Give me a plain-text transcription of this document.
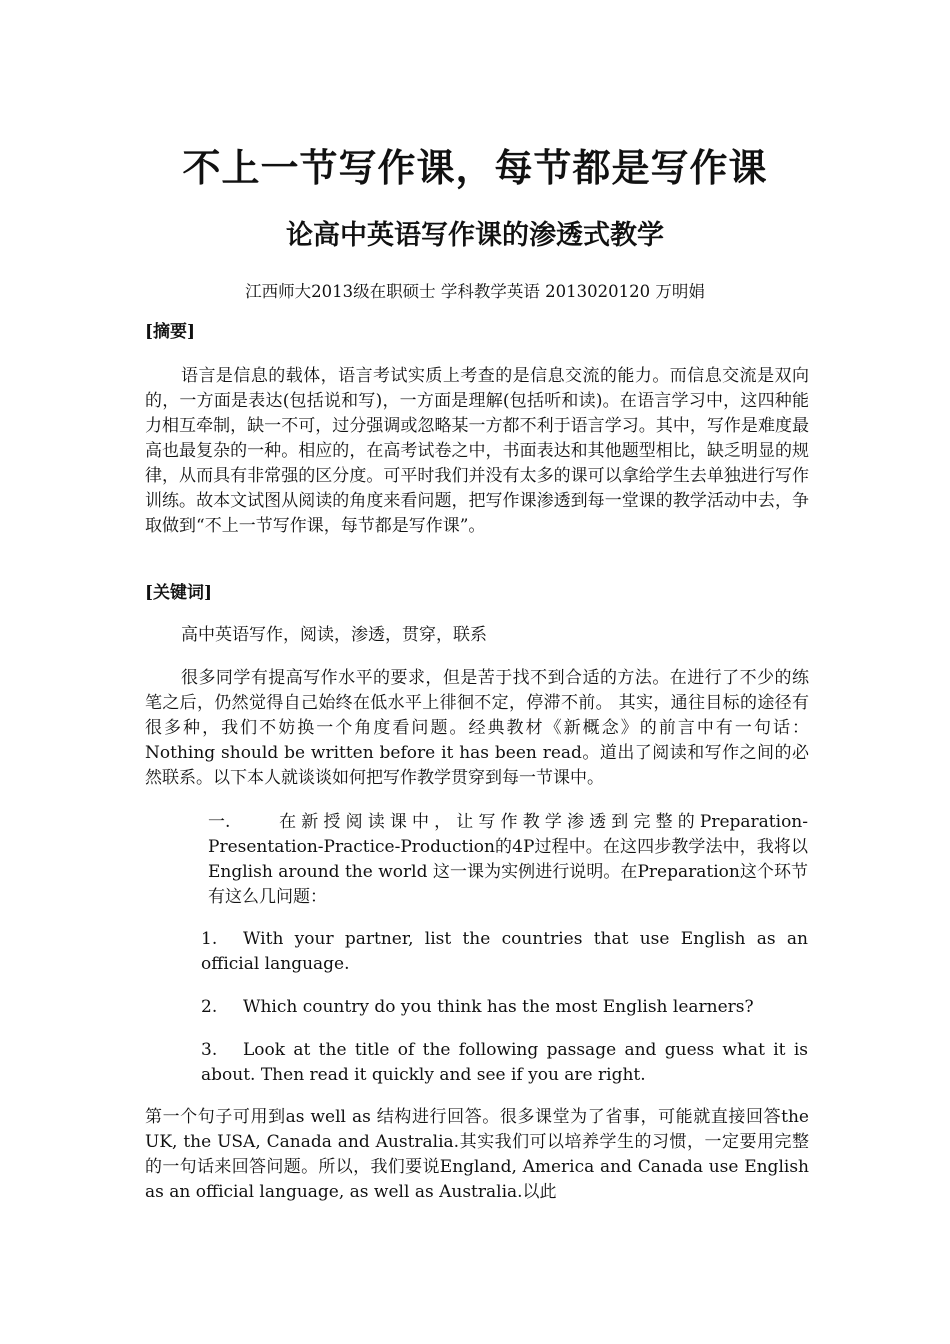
不上一节写作课，每节都是写作课
论高中英语写作课的渗透式教学
江西师大2013级在职硕士 学科教学英语 2013020120 万明娟
[摘要]
语言是信息的载体，语言考试实质上考查的是信息交流的能力。而信息交流是双向的，一方面是表达(包括说和写)，一方面是理解(包括听和读)。在语言学习中，这四种能力相互牵制，缺一不可，过分强调或忽略某一方都不利于语言学习。其中，写作是难度最高也最复杂的一种。相应的，在高考试卷之中，书面表达和其他题型相比，缺乏明显的规律，从而具有非常强的区分度。可平时我们并没有太多的课可以拿给学生去单独进行写作训练。故本文试图从阅读的角度来看问题，把写作课渗透到每一堂课的教学活动中去，争取做到“不上一节写作课，每节都是写作课”。
[关键词]
高中英语写作，阅读，渗透，贯穿，联系
很多同学有提高写作水平的要求，但是苦于找不到合适的方法。在进行了不少的练笔之后，仍然觉得自己始终在低水平上徘徊不定，停滞不前。 其实，通往目标的途径有很多种，我们不妨换一个角度看问题。经典教材《新概念》的前言中有一句话：Nothing should be written before it has been read。道出了阅读和写作之间的必然联系。以下本人就谈谈如何把写作教学贯穿到每一节课中。
一.	在新授阅读课中，让写作教学渗透到完整的Preparation-Presentation-Practice-Production的4P过程中。在这四步教学法中，我将以English around the world 这一课为实例进行说明。在Preparation这个环节有这么几问题：
1. With your partner, list the countries that use English as an official language.
2. Which country do you think has the most English learners?
3. Look at the title of the following passage and guess what it is about. Then read it quickly and see if you are right.
第一个句子可用到as well as 结构进行回答。很多课堂为了省事，可能就直接回答the UK, the USA, Canada and Australia.其实我们可以培养学生的习惯，一定要用完整的一句话来回答问题。所以，我们要说England, America and Canada use English as an official language, as well as Australia.以此
